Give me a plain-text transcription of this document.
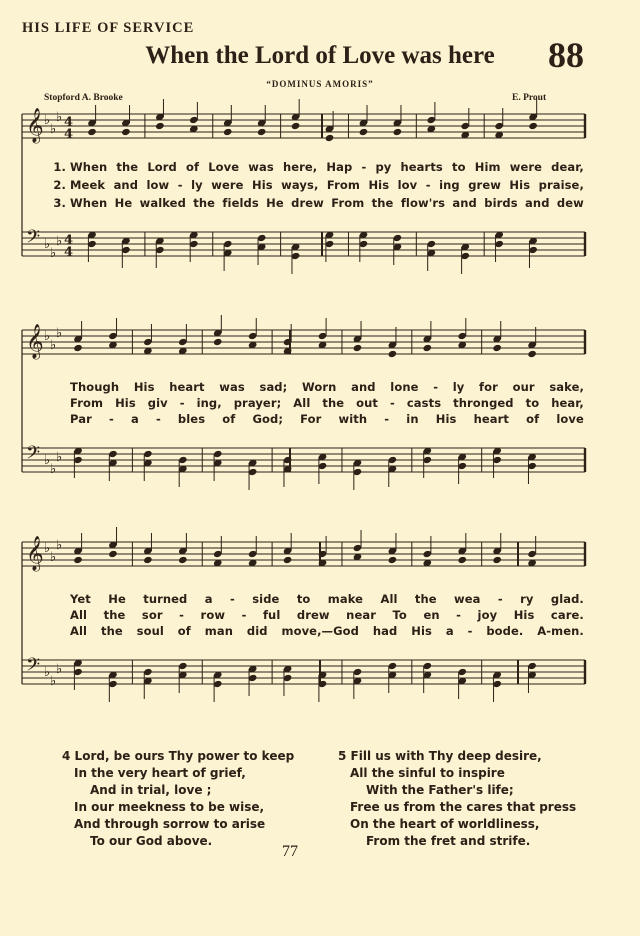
HIS LIFE OF SERVICE
When the Lord of Love was here	88
“DOMINUS AMORIS”
Stopford A. Brooke	E. Prout
𝄞 ♭
♭
♭ 4
4
𝄢 ♭
♭
♭ 4
4
𝄞 ♭
♭
♭
𝄢 ♭
♭
♭
𝄞 ♭
♭
♭
𝄢 ♭
♭
♭
1. When the Lord of Love was here, Hap - py hearts to Him were dear,
2. Meek and low - ly were His ways, From His lov - ing grew His praise,
3. When He walked the fields He drew From the flow'rs and birds and dew
Though His heart was sad; Worn and lone - ly for our sake,
From His giv - ing, prayer; All the out - casts thronged to hear,
Par - a - bles of God; For with - in His heart of love
Yet He turned a - side to make All the wea - ry glad.
All the sor - row - ful drew near To en - joy His care.
All the soul of man did move,—God had His a - bode. A-men.
4 Lord, be ours Thy power to keep
In the very heart of grief,
And in trial, love ;
In our meekness to be wise,
And through sorrow to arise
To our God above.
5 Fill us with Thy deep desire,
All the sinful to inspire
With the Father's life;
Free us from the cares that press
On the heart of worldliness,
From the fret and strife.
77
